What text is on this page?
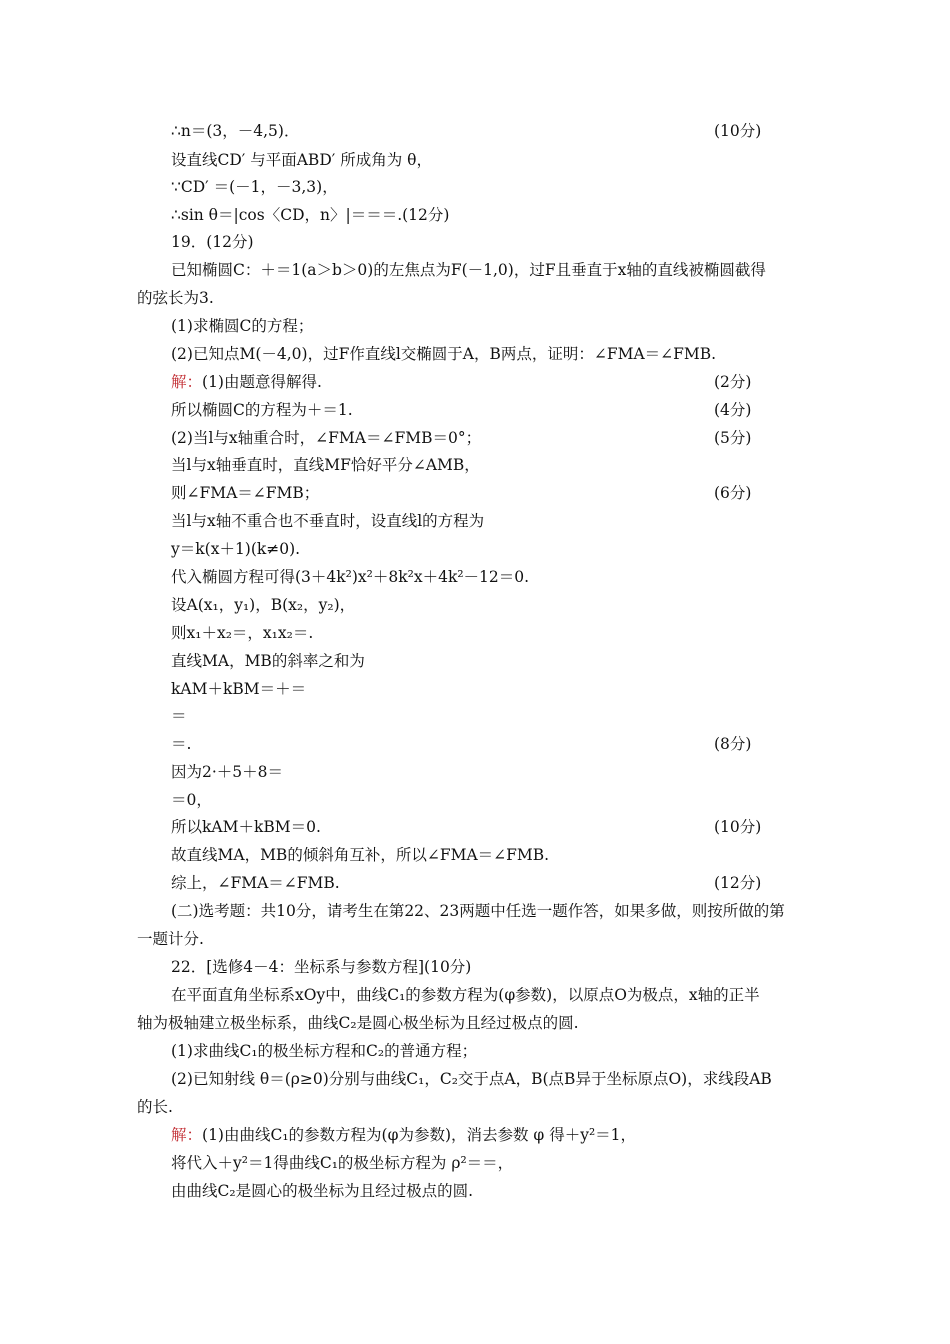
∴n＝(3，－4,5)．	(10分)
设直线CD′ 与平面ABD′ 所成角为 θ，
∵CD′ ＝(－1，－3,3)，
∴sin θ＝|cos〈CD，n〉|＝＝＝.(12分)
19．(12分)
已知椭圆C：＋＝1(a＞b＞0)的左焦点为F(－1,0)，过F且垂直于x轴的直线被椭圆截得
的弦长为3.
(1)求椭圆C的方程；
(2)已知点M(－4,0)，过F作直线l交椭圆于A，B两点，证明：∠FMA＝∠FMB.
解：(1)由题意得解得.	(2分)
所以椭圆C的方程为＋＝1.	(4分)
(2)当l与x轴重合时，∠FMA＝∠FMB＝0°；	(5分)
当l与x轴垂直时，直线MF恰好平分∠AMB，
则∠FMA＝∠FMB；	(6分)
当l与x轴不重合也不垂直时，设直线l的方程为
y＝k(x＋1)(k≠0).
代入椭圆方程可得(3＋4k²)x²＋8k²x＋4k²－12＝0.
设A(x₁，y₁)，B(x₂，y₂)，
则x₁＋x₂＝，x₁x₂＝.
直线MA，MB的斜率之和为
kAM＋kBM＝＋＝
＝
＝.	(8分)
因为2·＋5＋8＝
＝0，
所以kAM＋kBM＝0.	(10分)
故直线MA，MB的倾斜角互补，所以∠FMA＝∠FMB.
综上，∠FMA＝∠FMB.	(12分)
(二)选考题：共10分，请考生在第22、23两题中任选一题作答，如果多做，则按所做的第
一题计分.
22．[选修4－4：坐标系与参数方程](10分)
在平面直角坐标系xOy中，曲线C₁的参数方程为(φ参数)，以原点O为极点，x轴的正半
轴为极轴建立极坐标系，曲线C₂是圆心极坐标为且经过极点的圆.
(1)求曲线C₁的极坐标方程和C₂的普通方程；
(2)已知射线 θ＝(ρ≥0)分别与曲线C₁，C₂交于点A，B(点B异于坐标原点O)，求线段AB
的长.
解：(1)由曲线C₁的参数方程为(φ为参数)，消去参数 φ 得＋y²＝1，
将代入＋y²＝1得曲线C₁的极坐标方程为 ρ²＝＝，
由曲线C₂是圆心的极坐标为且经过极点的圆.
